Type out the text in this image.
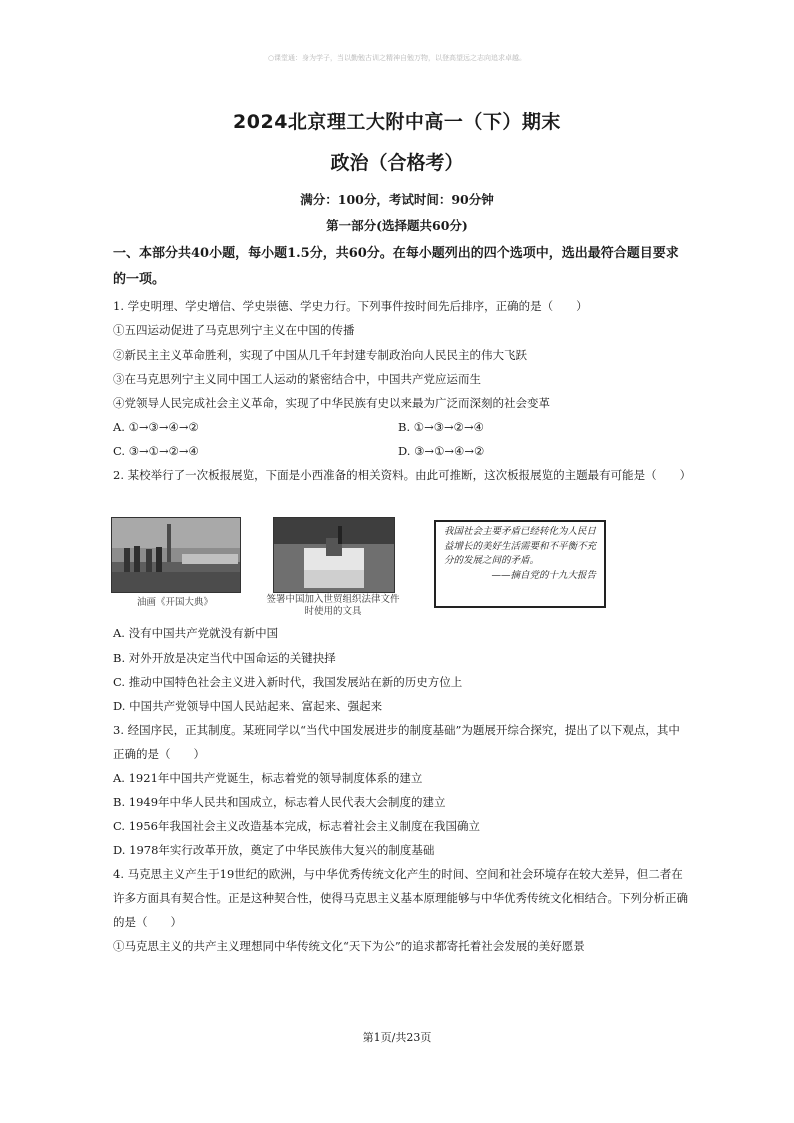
○课堂通：身为学子，当以勤勉古训之精神自勉万物，以登高望远之志向追求卓越。
2024北京理工大附中高一（下）期末
政治（合格考）
满分：100分，考试时间：90分钟
第一部分(选择题共60分)
一、本部分共40小题，每小题1.5分，共60分。在每小题列出的四个选项中，选出最符合题目要求的一项。
1. 学史明理、学史增信、学史崇德、学史力行。下列事件按时间先后排序，正确的是（　　）
①五四运动促进了马克思列宁主义在中国的传播
②新民主主义革命胜利，实现了中国从几千年封建专制政治向人民民主的伟大飞跃
③在马克思列宁主义同中国工人运动的紧密结合中，中国共产党应运而生
④党领导人民完成社会主义革命，实现了中华民族有史以来最为广泛而深刻的社会变革
A. ①→③→④→②	B. ①→③→②→④
C. ③→①→②→④	D. ③→①→④→②
2. 某校举行了一次板报展览，下面是小西准备的相关资料。由此可推断，这次板报展览的主题最有可能是（　　）
油画《开国大典》	签署中国加入世贸组织法律文件时使用的文具
我国社会主要矛盾已经转化为人民日益增长的美好生活需要和不平衡不充分的发展之间的矛盾。
——摘自党的十九大报告
A. 没有中国共产党就没有新中国
B. 对外开放是决定当代中国命运的关键抉择
C. 推动中国特色社会主义进入新时代，我国发展站在新的历史方位上
D. 中国共产党领导中国人民站起来、富起来、强起来
3. 经国序民，正其制度。某班同学以“当代中国发展进步的制度基础”为题展开综合探究，提出了以下观点，其中正确的是（　　）
A. 1921年中国共产党诞生，标志着党的领导制度体系的建立
B. 1949年中华人民共和国成立，标志着人民代表大会制度的建立
C. 1956年我国社会主义改造基本完成，标志着社会主义制度在我国确立
D. 1978年实行改革开放，奠定了中华民族伟大复兴的制度基础
4. 马克思主义产生于19世纪的欧洲，与中华优秀传统文化产生的时间、空间和社会环境存在较大差异，但二者在许多方面具有契合性。正是这种契合性，使得马克思主义基本原理能够与中华优秀传统文化相结合。下列分析正确的是（　　）
①马克思主义的共产主义理想同中华传统文化“天下为公”的追求都寄托着社会发展的美好愿景
第1页/共23页
